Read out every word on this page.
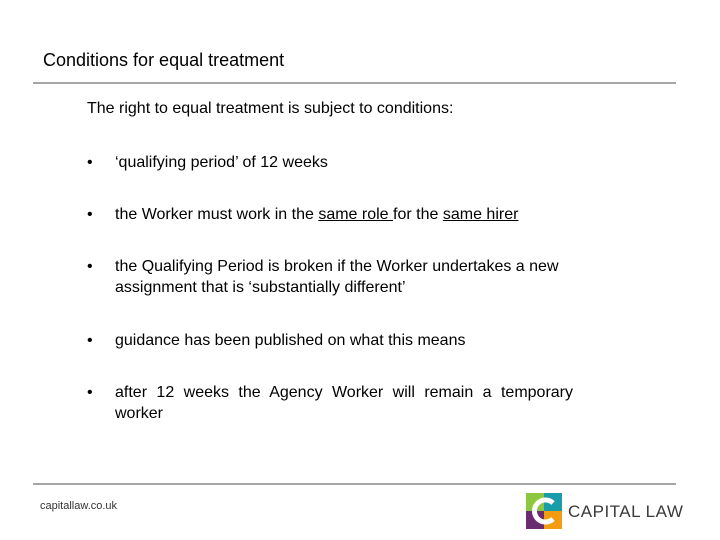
Conditions for equal treatment
The right to equal treatment is subject to conditions:
• ‘qualifying period’ of 12 weeks
• the Worker must work in the same role for the same hirer
• the Qualifying Period is broken if the Worker undertakes a new assignment that is ‘substantially different’
• guidance has been published on what this means
• after 12 weeks the Agency Worker will remain a temporary worker
capitallaw.co.uk	CAPITAL LAW
